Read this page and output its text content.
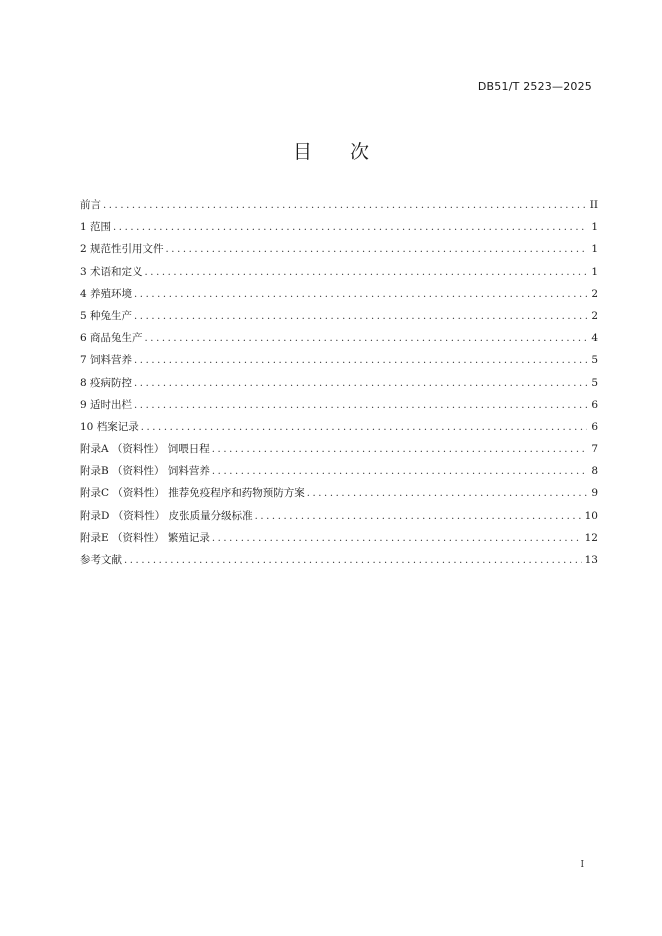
DB51/T 2523—2025
目次
前言 .....	II
1 范围 .....	1
2 规范性引用文件 .....	1
3 术语和定义 .....	1
4 养殖环境 .....	2
5 种兔生产 .....	2
6 商品兔生产 .....	4
7 饲料营养 .....	5
8 疫病防控 .....	5
9 适时出栏 .....	6
10 档案记录 .....	6
附录A （资料性） 饲喂日程 .....	7
附录B （资料性） 饲料营养 .....	8
附录C （资料性） 推荐免疫程序和药物预防方案 .....	9
附录D （资料性） 皮张质量分级标准 .....	10
附录E （资料性） 繁殖记录 .....	12
参考文献 .....	13
I
